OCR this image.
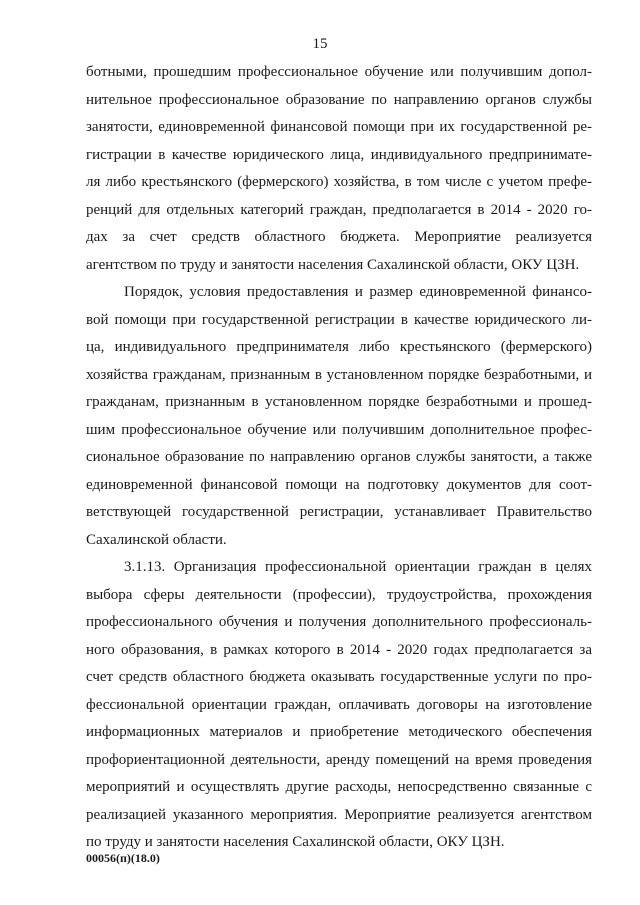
15
ботными, прошедшим профессиональное обучение или получившим допол-
нительное профессиональное образование по направлению органов службы
занятости, единовременной финансовой помощи при их государственной ре-
гистрации в качестве юридического лица, индивидуального предпринимате-
ля либо крестьянского (фермерского) хозяйства, в том числе с учетом префе-
ренций для отдельных категорий граждан, предполагается в 2014 - 2020 го-
дах за счет средств областного бюджета. Мероприятие реализуется
агентством по труду и занятости населения Сахалинской области, ОКУ ЦЗН.
Порядок, условия предоставления и размер единовременной финансо-
вой помощи при государственной регистрации в качестве юридического ли-
ца, индивидуального предпринимателя либо крестьянского (фермерского)
хозяйства гражданам, признанным в установленном порядке безработными, и
гражданам, признанным в установленном порядке безработными и прошед-
шим профессиональное обучение или получившим дополнительное профес-
сиональное образование по направлению органов службы занятости, а также
единовременной финансовой помощи на подготовку документов для соот-
ветствующей государственной регистрации, устанавливает Правительство
Сахалинской области.
3.1.13. Организация профессиональной ориентации граждан в целях
выбора сферы деятельности (профессии), трудоустройства, прохождения
профессионального обучения и получения дополнительного профессиональ-
ного образования, в рамках которого в 2014 - 2020 годах предполагается за
счет средств областного бюджета оказывать государственные услуги по про-
фессиональной ориентации граждан, оплачивать договоры на изготовление
информационных материалов и приобретение методического обеспечения
профориентационной деятельности, аренду помещений на время проведения
мероприятий и осуществлять другие расходы, непосредственно связанные с
реализацией указанного мероприятия. Мероприятие реализуется агентством
по труду и занятости населения Сахалинской области, ОКУ ЦЗН.
00056(п)(18.0)
